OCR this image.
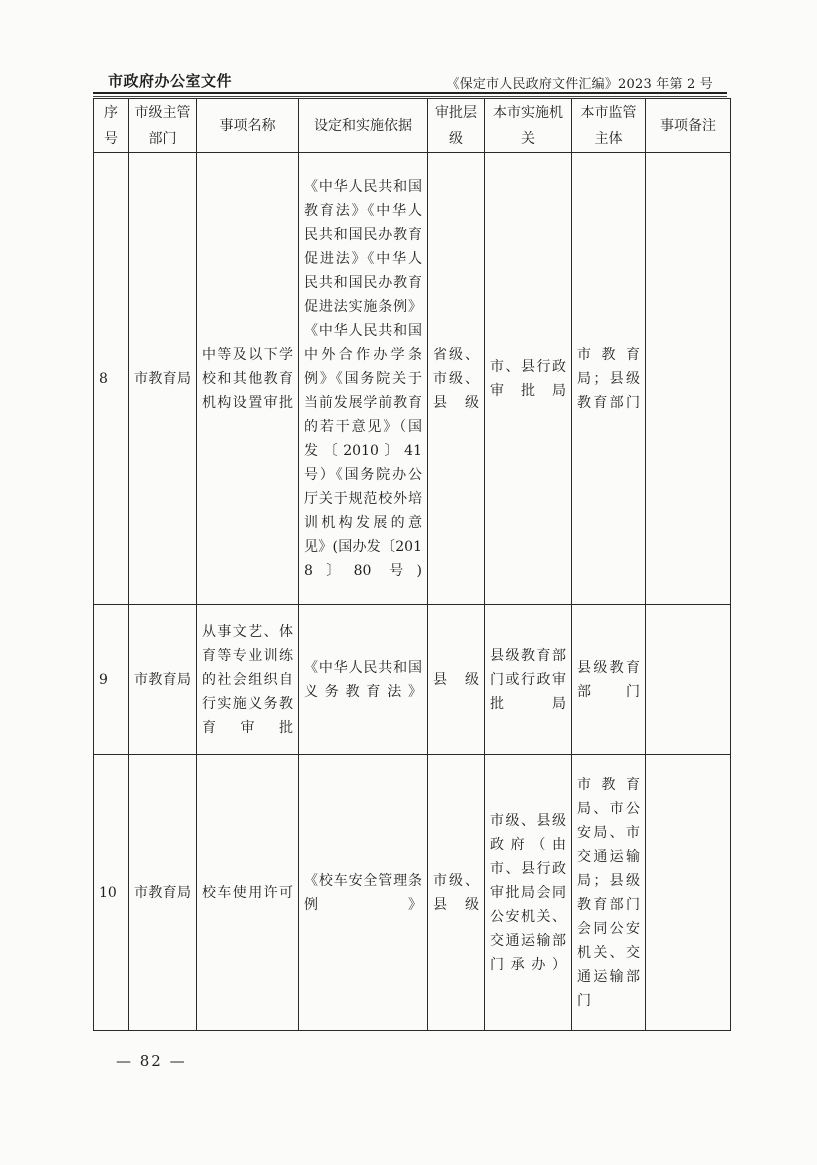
市政府办公室文件	《保定市人民政府文件汇编》2023 年第 2 号
序号	市级主管部门	事项名称	设定和实施依据	审批层级	本市实施机关	本市监管主体	事项备注
8	市教育局	中等及以下学校和其他教育机构设置审批	《中华人民共和国教育法》《中华人民共和国民办教育促进法》《中华人民共和国民办教育促进法实施条例》《中华人民共和国中外合作办学条例》《国务院关于当前发展学前教育的若干意见》（国发〔2010〕41 号）《国务院办公厅关于规范校外培训机构发展的意见》(国办发〔2018〕80 号)	省级、市级、县级	市、县行政审批局	市教育局；县级教育部门	
9	市教育局	从事文艺、体育等专业训练的社会组织自行实施义务教育审批	《中华人民共和国义务教育法》	县级	县级教育部门或行政审批局	县级教育部门	
10	市教育局	校车使用许可	《校车安全管理条例》	市级、县级	市级、县级政府（由市、县行政审批局会同公安机关、交通运输部门承办）	市教育局、市公安局、市交通运输局；县级教育部门会同公安机关、交通运输部门	
— 82 —
